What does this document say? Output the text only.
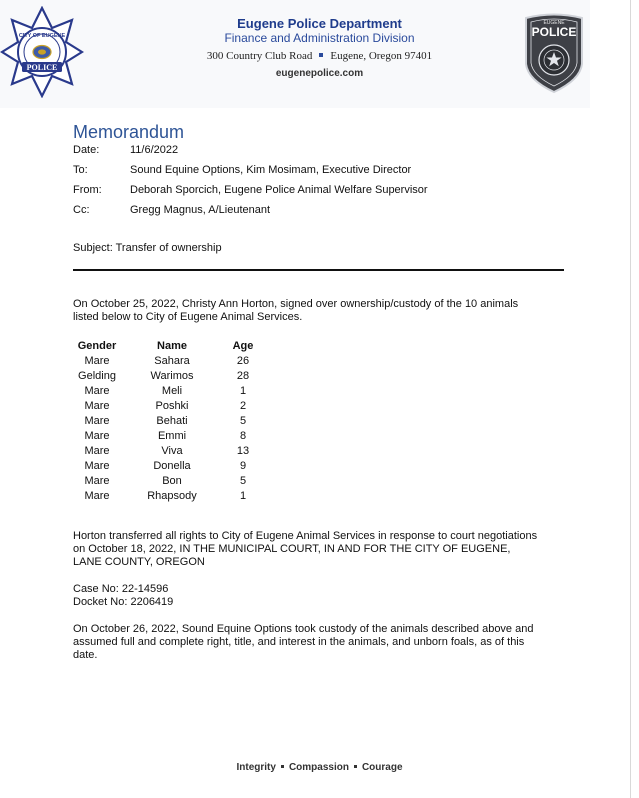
CITY OF EUGENE
POLICE
Eugene Police Department
Finance and Administration Division
300 Country Club Road Eugene, Oregon 97401
eugenepolice.com
EUGENE
POLICE
Memorandum
Date:	11/6/2022
To:	Sound Equine Options, Kim Mosimam, Executive Director
From:	Deborah Sporcich, Eugene Police Animal Welfare Supervisor
Cc:	Gregg Magnus, A/Lieutenant
Subject: Transfer of ownership
On October 25, 2022, Christy Ann Horton, signed over ownership/custody of the 10 animals
listed below to City of Eugene Animal Services.
Gender	Name	Age
Mare	Sahara	26
Gelding	Warimos	28
Mare	Meli	1
Mare	Poshki	2
Mare	Behati	5
Mare	Emmi	8
Mare	Viva	13
Mare	Donella	9
Mare	Bon	5
Mare	Rhapsody	1
Horton transferred all rights to City of Eugene Animal Services in response to court negotiations
on October 18, 2022, IN THE MUNICIPAL COURT, IN AND FOR THE CITY OF EUGENE,
LANE COUNTY, OREGON
Case No: 22-14596
Docket No: 2206419
On October 26, 2022, Sound Equine Options took custody of the animals described above and
assumed full and complete right, title, and interest in the animals, and unborn foals, as of this
date.
Integrity Compassion Courage
